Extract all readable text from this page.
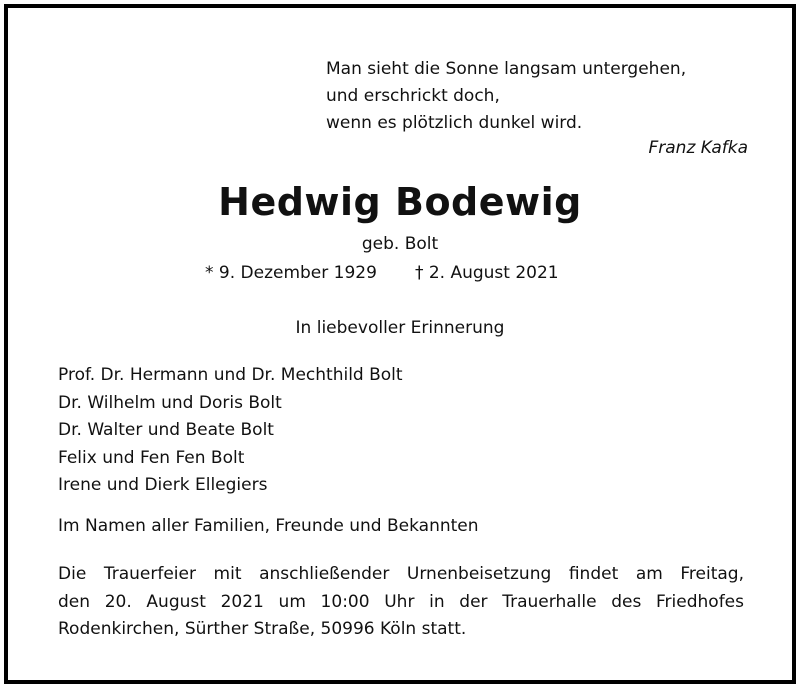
Man sieht die Sonne langsam untergehen,
und erschrickt doch,
wenn es plötzlich dunkel wird.
Franz Kafka
Hedwig Bodewig
geb. Bolt
* 9. Dezember 1929 † 2. August 2021
In liebevoller Erinnerung
Prof. Dr. Hermann und Dr. Mechthild Bolt
Dr. Wilhelm und Doris Bolt
Dr. Walter und Beate Bolt
Felix und Fen Fen Bolt
Irene und Dierk Ellegiers
Im Namen aller Familien, Freunde und Bekannten
Die Trauerfeier mit anschließender Urnenbeisetzung findet am Freitag,
den 20. August 2021 um 10:00 Uhr in der Trauerhalle des Friedhofes
Rodenkirchen, Sürther Straße, 50996 Köln statt.
